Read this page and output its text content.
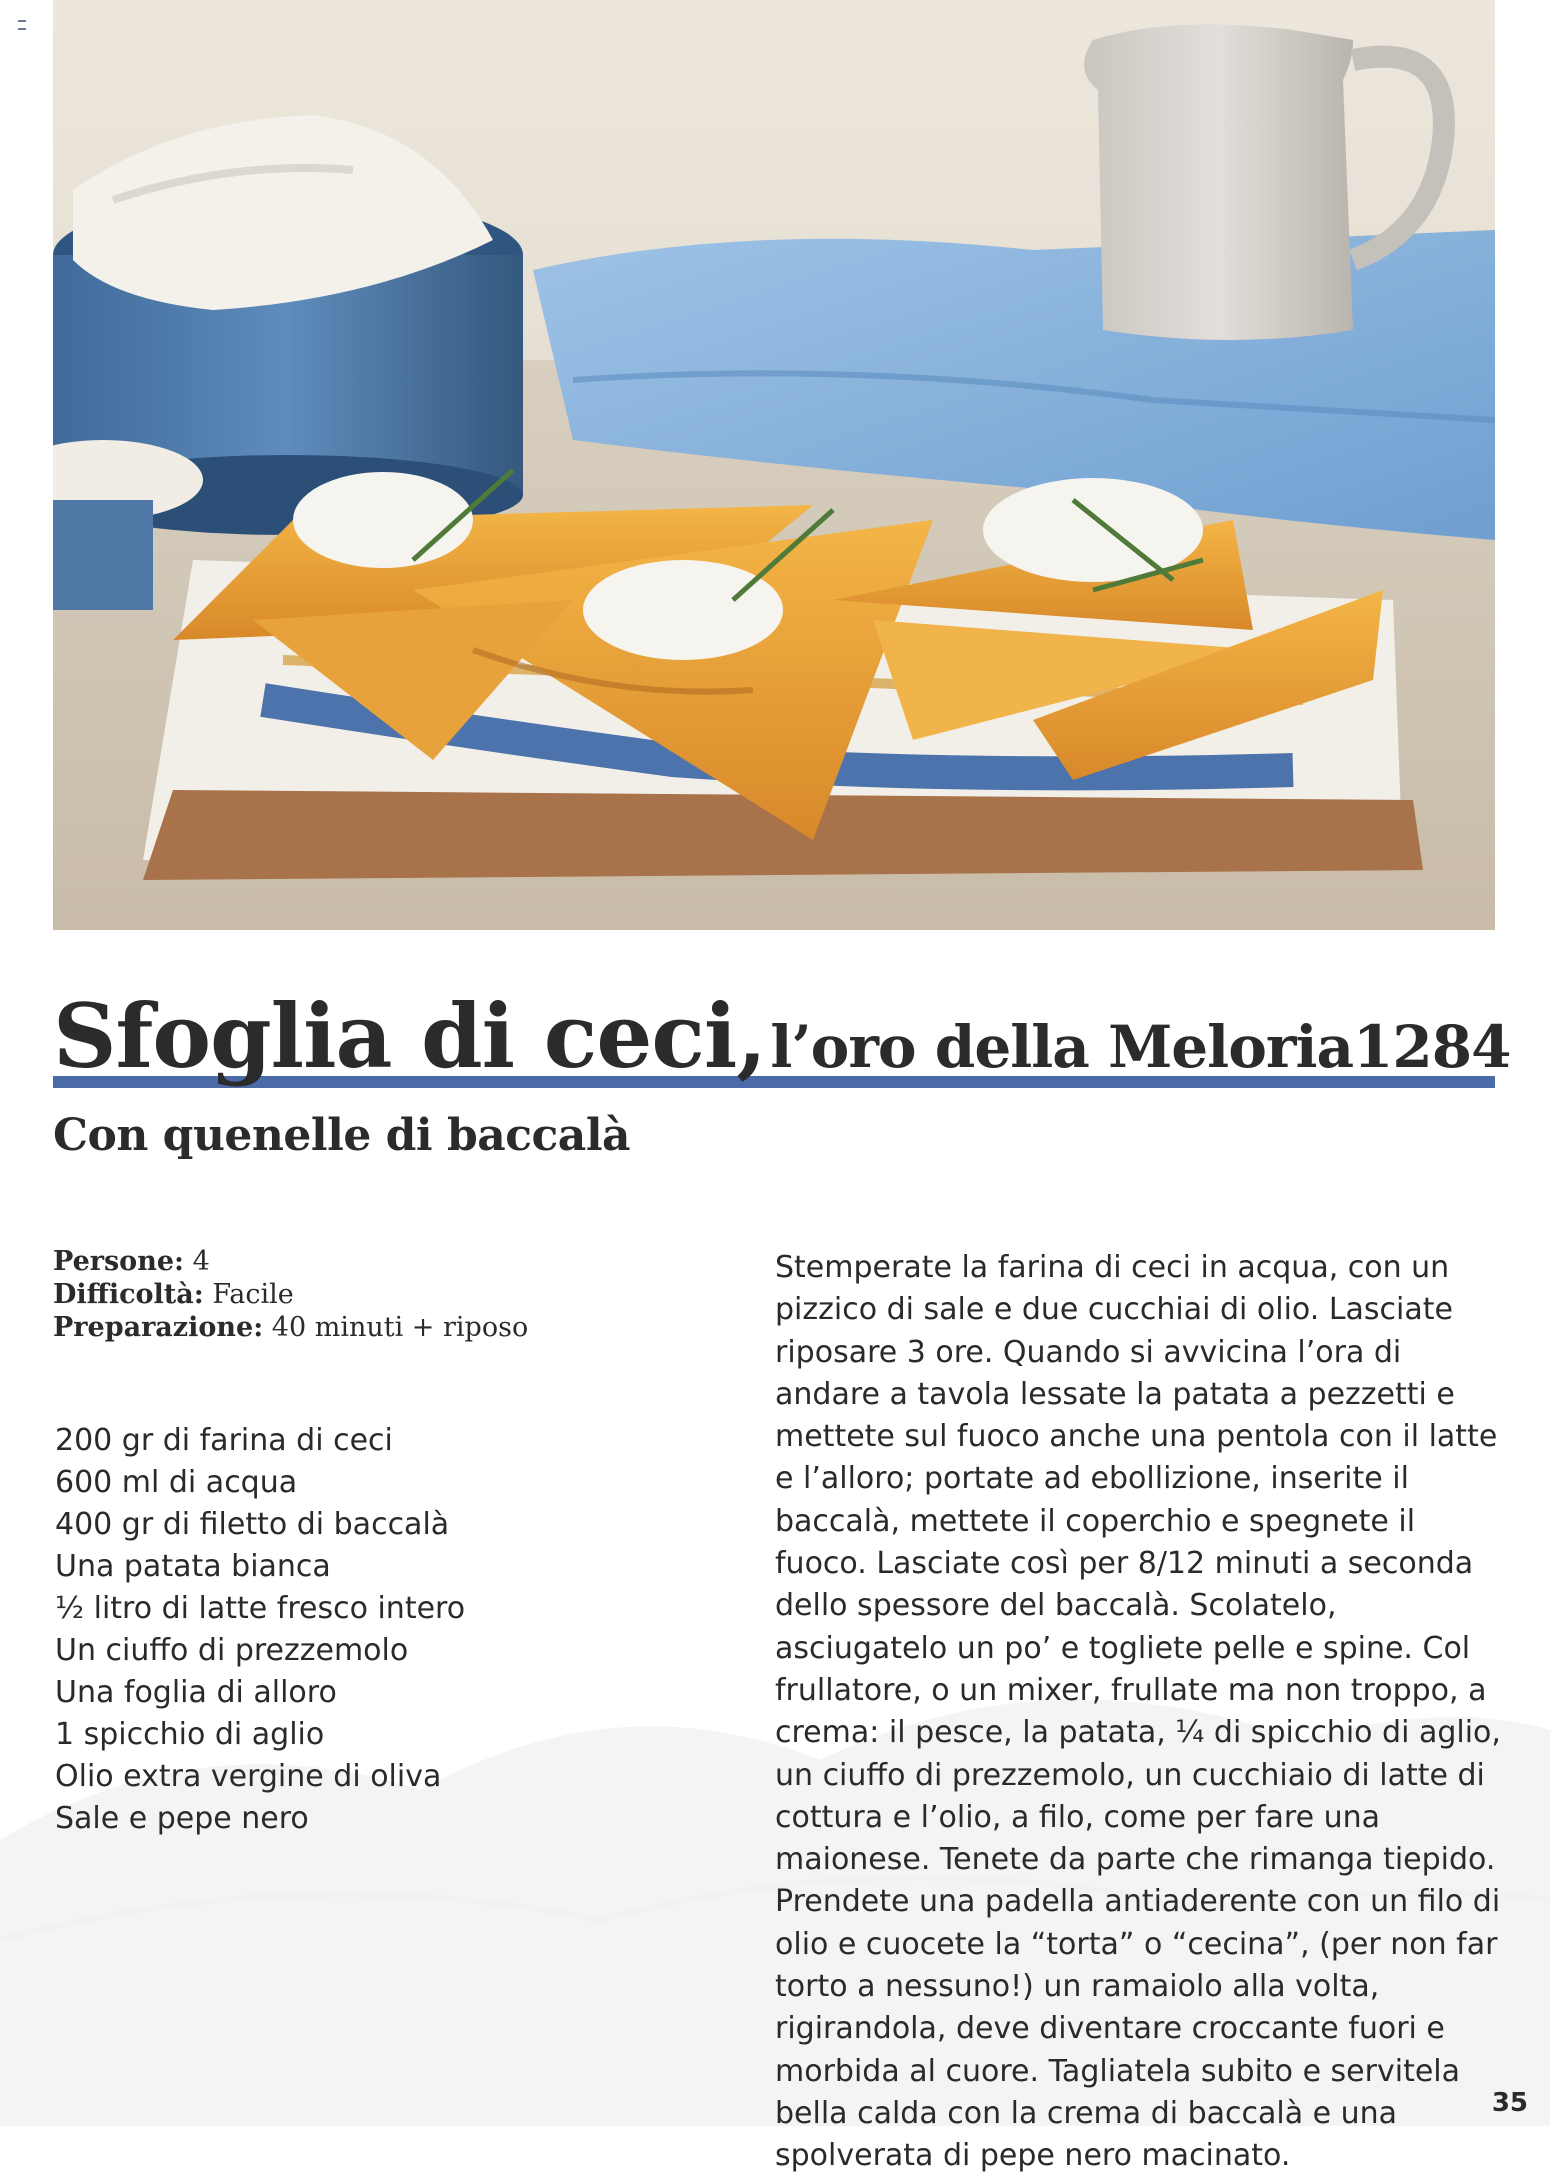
Sfoglia di ceci, l’oro della Meloria1284
Con quenelle di baccalà
Persone: 4
Difficoltà: Facile
Preparazione: 40 minuti + riposo
200 gr di farina di ceci
600 ml di acqua
400 gr di filetto di baccalà
Una patata bianca
½ litro di latte fresco intero
Un ciuffo di prezzemolo
Una foglia di alloro
1 spicchio di aglio
Olio extra vergine di oliva
Sale e pepe nero

Stemperate la farina di ceci in acqua, con un pizzico di sale e due cucchiai di olio. Lasciate riposare 3 ore. Quando si avvicina l’ora di andare a tavola lessate la patata a pezzetti e mettete sul fuoco anche una pentola con il latte e l’alloro; portate ad ebollizione, inserite il baccalà, mettete il coperchio e spegnete il fuoco. Lasciate così per 8/12 minuti a seconda dello spessore del baccalà. Scolatelo, asciugatelo un po’ e togliete pelle e spine. Col frullatore, o un mixer, frullate ma non troppo, a crema: il pesce, la patata, ¼ di spicchio di aglio, un ciuffo di prezzemolo, un cucchiaio di latte di cottura e l’olio, a filo, come per fare una maionese. Tenete da parte che rimanga tiepido. Prendete una padella antiaderente con un filo di olio e cuocete la “torta” o “cecina”, (per non far torto a nessuno!) un ramaiolo alla volta, rigirandola, deve diventare croccante fuori e morbida al cuore. Tagliatela subito e servitela bella calda con la crema di baccalà e una spolverata di pepe nero macinato.

35
